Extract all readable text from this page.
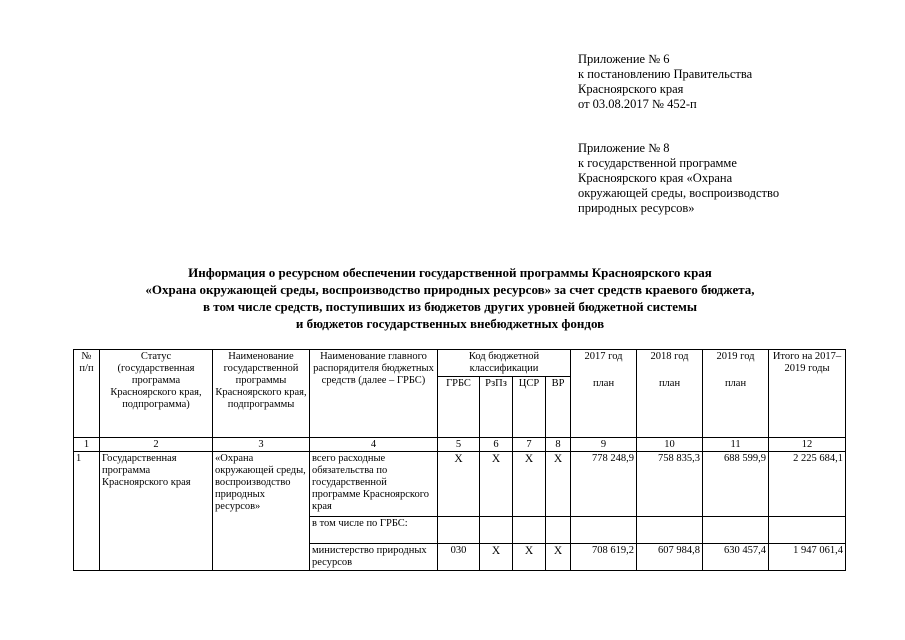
Приложение № 6
к постановлению Правительства
Красноярского края
от 03.08.2017 № 452-п
Приложение № 8
к государственной программе
Красноярского края «Охрана
окружающей среды, воспроизводство
природных ресурсов»
Информация о ресурсном обеспечении государственной программы Красноярского края
«Охрана окружающей среды, воспроизводство природных ресурсов» за счет средств краевого бюджета,
в том числе средств, поступивших из бюджетов других уровней бюджетной системы
и бюджетов государственных внебюджетных фондов
№ п/п	Статус (государственная программа Красноярского края, подпрограмма)	Наименование государственной программы Красноярского края, подпрограммы	Наименование главного распорядителя бюджетных средств (далее – ГРБС)	Код бюджетной классификации				2017 год	2018 год	2019 год	Итого на 2017–2019 годы
				ГРБС	РзПз	ЦСР	ВР	план	план	план	
1	2	3	4	5	6	7	8	9	10	11	12
1	Государственная программа Красноярского края	«Охрана окружающей среды, воспроизводство природных ресурсов»	всего расходные обязательства по государственной программе Красноярского края	Х	Х	Х	Х	778 248,9	758 835,3	688 599,9	2 225 684,1
			в том числе по ГРБС:								
			министерство природных ресурсов	030	Х	Х	Х	708 619,2	607 984,8	630 457,4	1 947 061,4
